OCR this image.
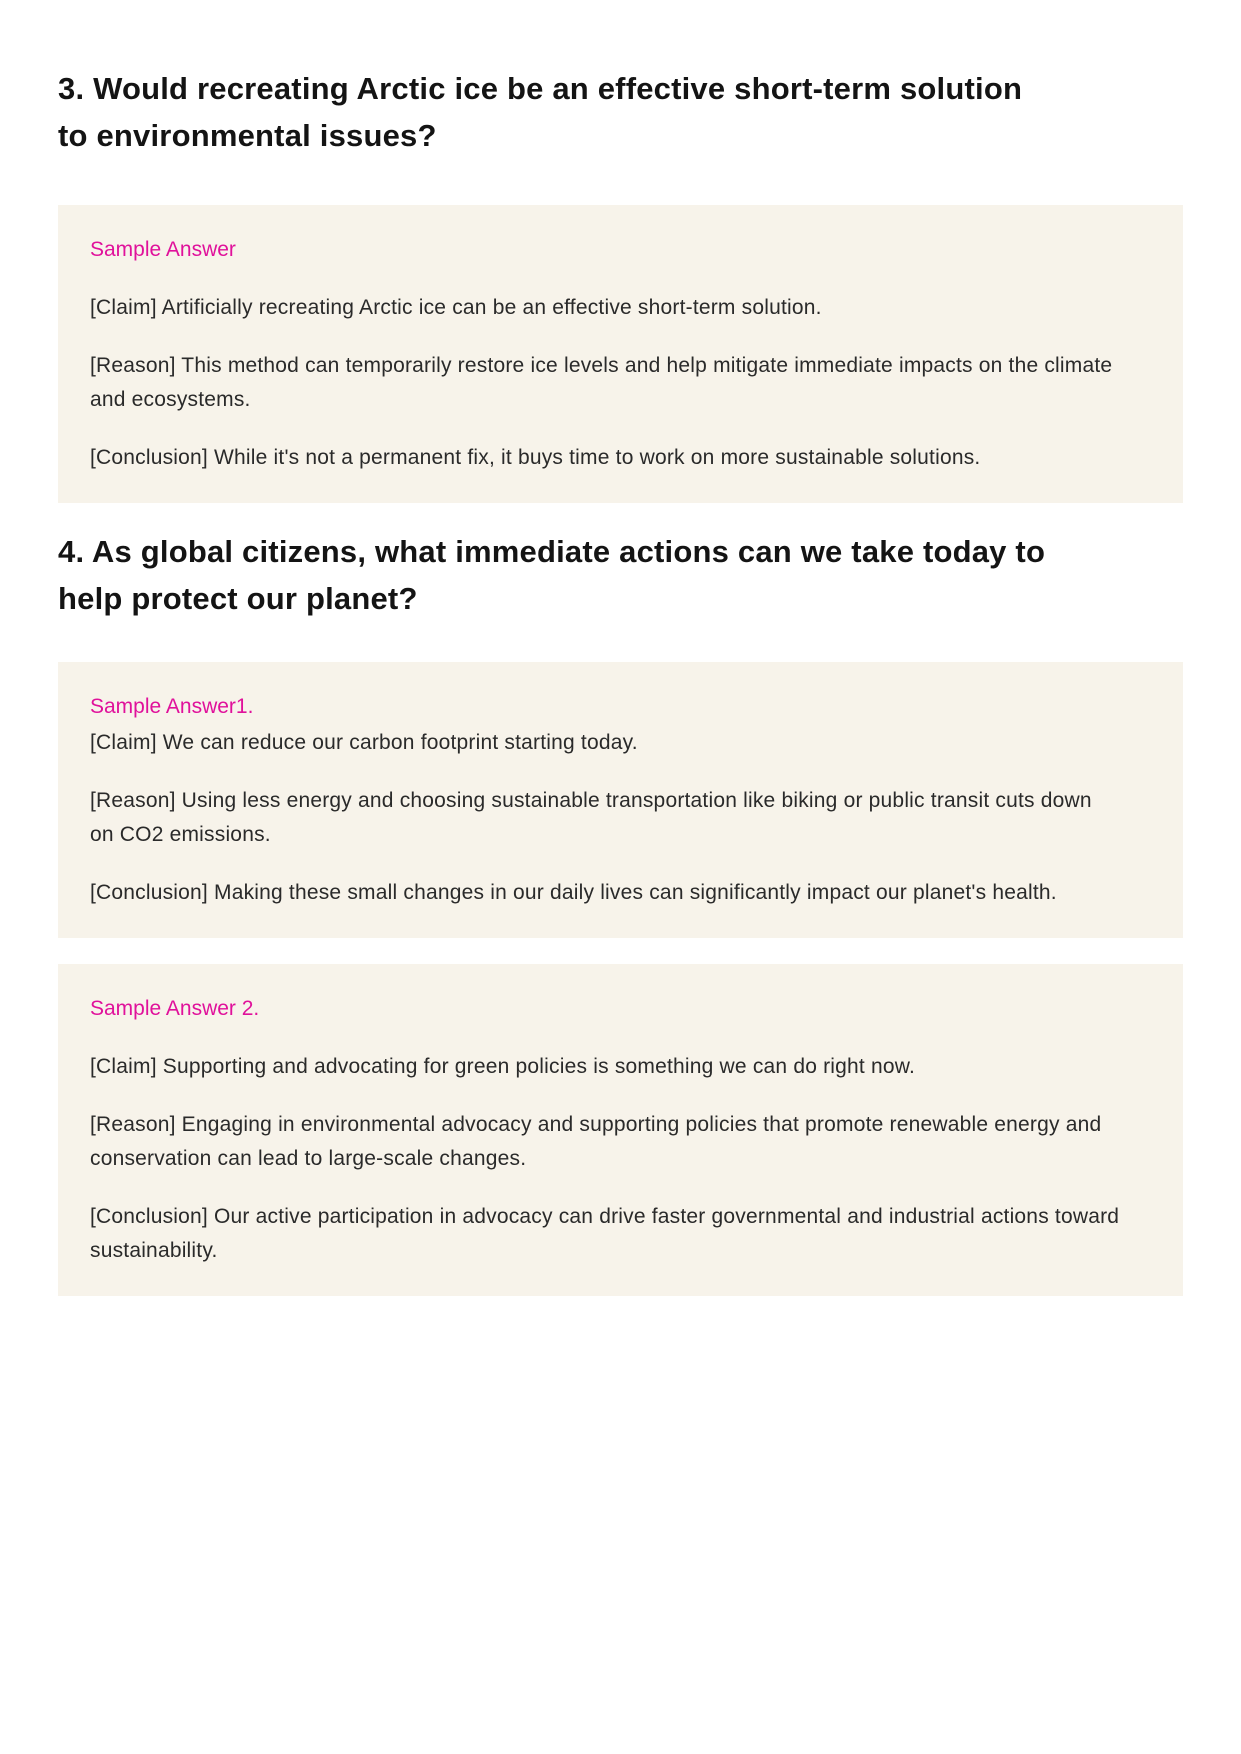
3. Would recreating Arctic ice be an effective short-term solution to environmental issues?

Sample Answer

[Claim] Artificially recreating Arctic ice can be an effective short-term solution.

[Reason] This method can temporarily restore ice levels and help mitigate immediate impacts on the climate and ecosystems.

[Conclusion] While it's not a permanent fix, it buys time to work on more sustainable solutions.

4. As global citizens, what immediate actions can we take today to help protect our planet?

Sample Answer1.

[Claim] We can reduce our carbon footprint starting today.

[Reason] Using less energy and choosing sustainable transportation like biking or public transit cuts down on CO2 emissions.

[Conclusion] Making these small changes in our daily lives can significantly impact our planet's health.

Sample Answer 2.

[Claim] Supporting and advocating for green policies is something we can do right now.

[Reason] Engaging in environmental advocacy and supporting policies that promote renewable energy and conservation can lead to large-scale changes.

[Conclusion] Our active participation in advocacy can drive faster governmental and industrial actions toward sustainability.
